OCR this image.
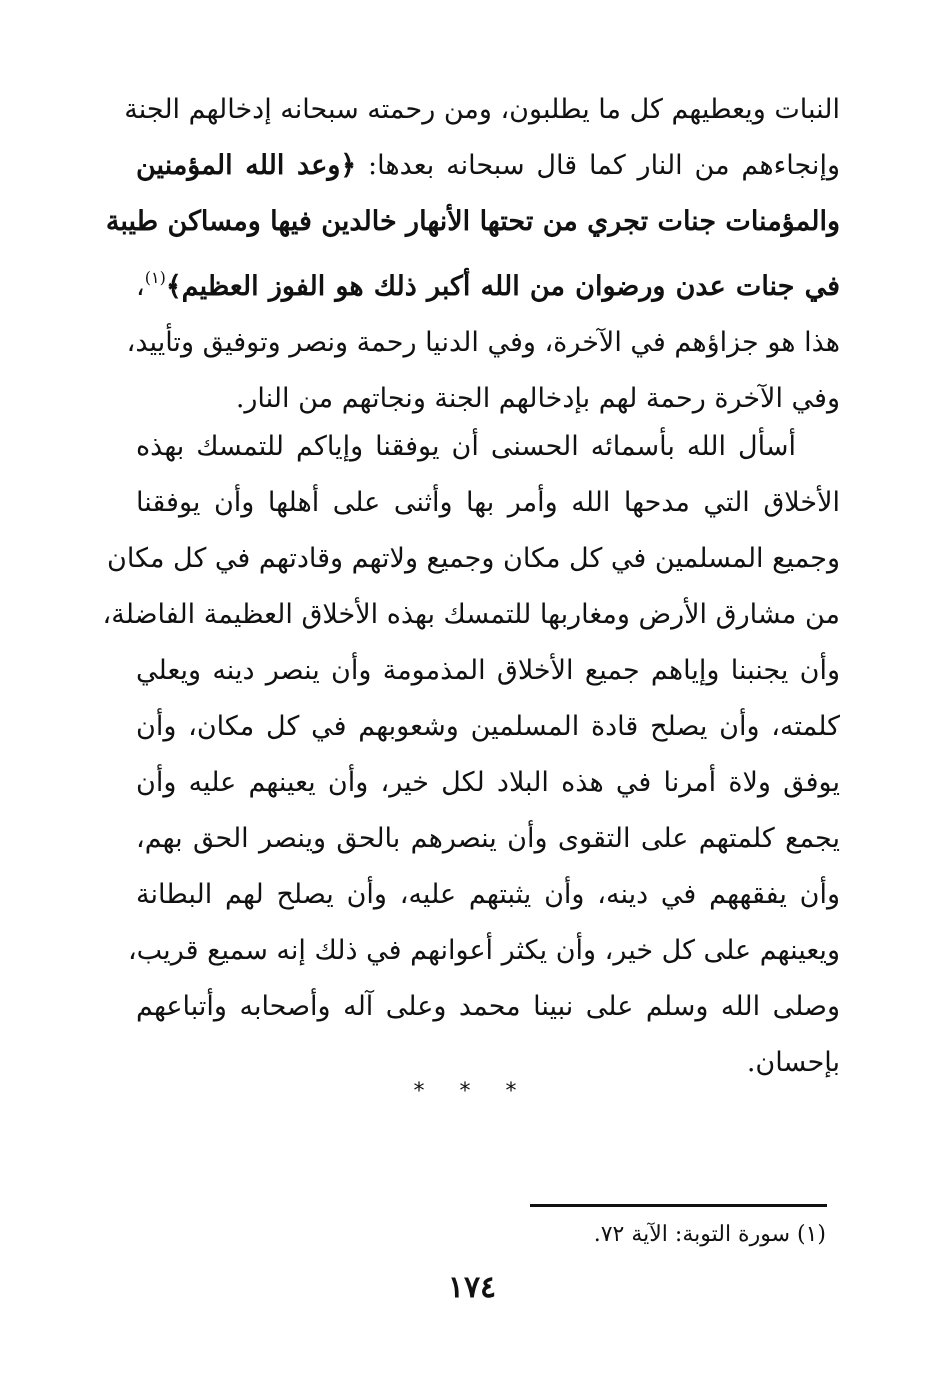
النبات ويعطيهم كل ما يطلبون، ومن رحمته سبحانه إدخالهم الجنة
وإنجاءهم من النار كما قال سبحانه بعدها: ﴿وعد الله المؤمنين
والمؤمنات جنات تجري من تحتها الأنهار خالدين فيها ومساكن طيبة
في جنات عدن ورضوان من الله أكبر ذلك هو الفوز العظيم﴾$^{(١)}$،
هذا هو جزاؤهم في الآخرة، وفي الدنيا رحمة ونصر وتوفيق وتأييد،
وفي الآخرة رحمة لهم بإدخالهم الجنة ونجاتهم من النار.
أسأل الله بأسمائه الحسنى أن يوفقنا وإياكم للتمسك بهذه
الأخلاق التي مدحها الله وأمر بها وأثنى على أهلها وأن يوفقنا
وجميع المسلمين في كل مكان وجميع ولاتهم وقادتهم في كل مكان
من مشارق الأرض ومغاربها للتمسك بهذه الأخلاق العظيمة الفاضلة،
وأن يجنبنا وإياهم جميع الأخلاق المذمومة وأن ينصر دينه ويعلي
كلمته، وأن يصلح قادة المسلمين وشعوبهم في كل مكان، وأن
يوفق ولاة أمرنا في هذه البلاد لكل خير، وأن يعينهم عليه وأن
يجمع كلمتهم على التقوى وأن ينصرهم بالحق وينصر الحق بهم،
وأن يفقههم في دينه، وأن يثبتهم عليه، وأن يصلح لهم البطانة
ويعينهم على كل خير، وأن يكثر أعوانهم في ذلك إنه سميع قريب،
وصلى الله وسلم على نبينا محمد وعلى آله وأصحابه وأتباعهم
بإحسان.
* * *
(١) سورة التوبة: الآية ٧٢.
١٧٤
